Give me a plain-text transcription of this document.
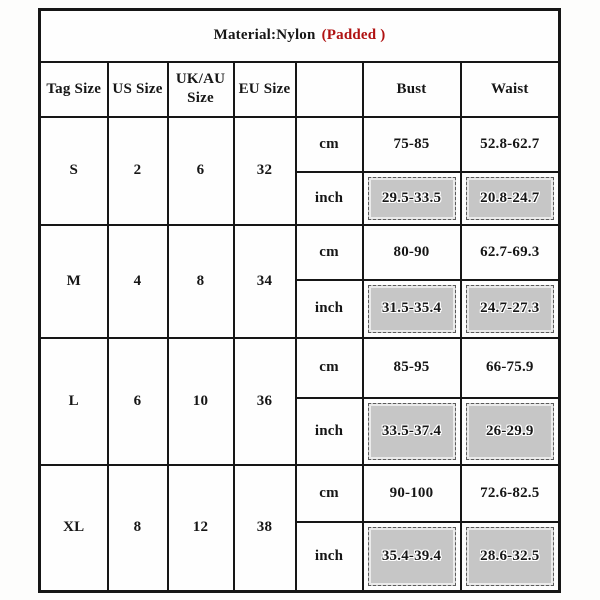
Material:Nylon (Padded )						
Tag Size	US Size	UK/AU Size	EU Size		Bust	Waist
S	2	6	32	cm	75-85	52.8-62.7
				inch	29.5-33.5	20.8-24.7

M	4	8	34	cm	80-90	62.7-69.3
				inch	31.5-35.4	24.7-27.3

L	6	10	36	cm	85-95	66-75.9
				inch	33.5-37.4	26-29.9

XL	8	12	38	cm	90-100	72.6-82.5
				inch	35.4-39.4	28.6-32.5
